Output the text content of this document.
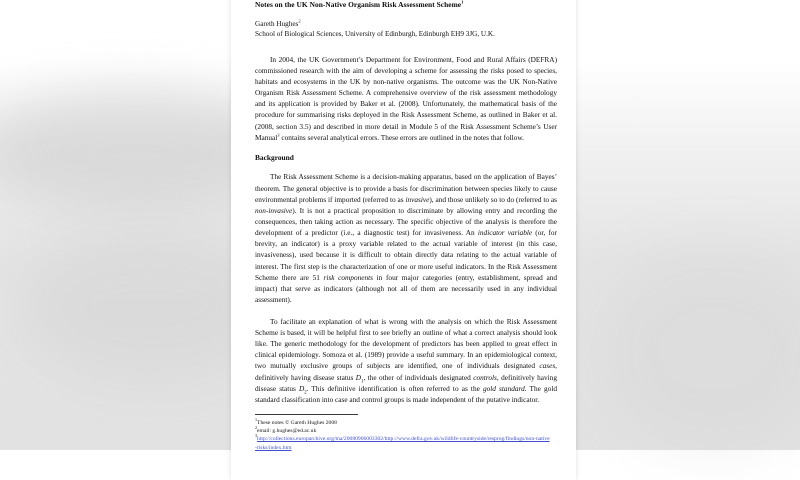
Notes on the UK Non-Native Organism Risk Assessment Scheme$^1$

Gareth Hughes$^2$

School of Biological Sciences, University of Edinburgh, Edinburgh EH9 3JG, U.K.

In 2004, the UK Government’s Department for Environment, Food and Rural Affairs (DEFRA) commissioned research with the aim of developing a scheme for assessing the risks posed to species, habitats and ecosystems in the UK by non-native organisms. The outcome was the UK Non-Native Organism Risk Assessment Scheme. A comprehensive overview of the risk assessment methodology and its application is provided by Baker et al. (2008). Unfortunately, the mathematical basis of the procedure for summarising risks deployed in the Risk Assessment Scheme, as outlined in Baker et al. (2008, section 3.5) and described in more detail in Module 5 of the Risk Assessment Scheme’s User Manual$^3$ contains several analytical errors. These errors are outlined in the notes that follow.

Background

The Risk Assessment Scheme is a decision-making apparatus, based on the application of Bayes’ theorem. The general objective is to provide a basis for discrimination between species likely to cause environmental problems if imported (referred to as invasive), and those unlikely so to do (referred to as non-invasive). It is not a practical proposition to discriminate by allowing entry and recording the consequences, then taking action as necessary. The specific objective of the analysis is therefore the development of a predictor (i.e., a diagnostic test) for invasiveness. An indicator variable (or, for brevity, an indicator) is a proxy variable related to the actual variable of interest (in this case, invasiveness), used because it is difficult to obtain directly data relating to the actual variable of interest. The first step is the characterization of one or more useful indicators. In the Risk Assessment Scheme there are 51 risk components in four major categories (entry, establishment, spread and impact) that serve as indicators (although not all of them are necessarily used in any individual assessment).

To facilitate an explanation of what is wrong with the analysis on which the Risk Assessment Scheme is based, it will be helpful first to see briefly an outline of what a correct analysis should look like. The generic methodology for the development of predictors has been applied to great effect in clinical epidemiology. Somoza et al. (1989) provide a useful summary. In an epidemiological context, two mutually exclusive groups of subjects are identified, one of individuals designated cases, definitively having disease status $D_1$, the other of individuals designated controls, definitively having disease status $D_2$. This definitive identification is often referred to as the gold standard. The gold standard classification into case and control groups is made independent of the putative indicator.

$^1$These notes © Gareth Hughes 2008

$^2$email: g.hughes@ed.ac.uk

$^3$http://collections.europarchive.org/tna/20080906003302/http://www.defra.gov.uk/wildlife-countryside/resprog/findings/non-native-risks/index.htm
